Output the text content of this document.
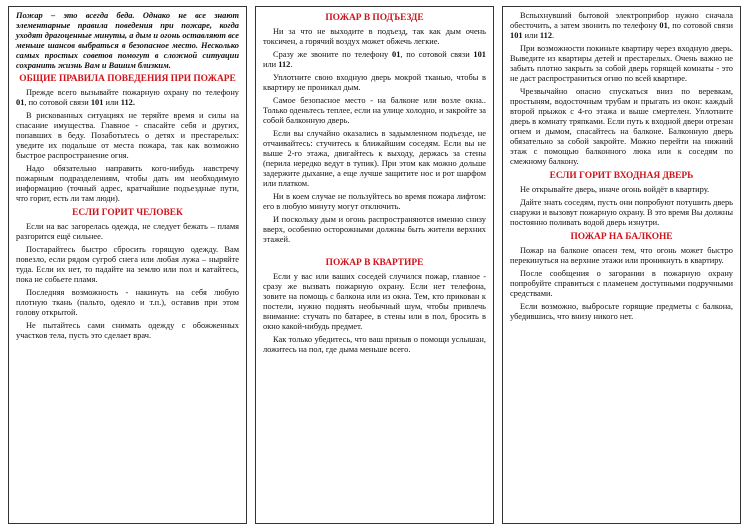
Пожар – это всегда беда. Однако не все знают элементарные правила поведения при пожаре, когда уходят драгоценные минуты, а дым и огонь оставляют все меньше шансов выбраться в безопасное место. Несколько самых простых советов помогут в сложной ситуации сохранить жизнь Вам и Вашим близким.

ОБЩИЕ ПРАВИЛА ПОВЕДЕНИЯ ПРИ ПОЖАРЕ

Прежде всего вызывайте пожарную охрану по телефону 01, по сотовой связи 101 или 112.

В рискованных ситуациях не теряйте время и силы на спасание имущества. Главное - спасайте себя и других, попавших в беду. Позаботьтесь о детях и престарелых: уведите их подальше от места пожара, так как возможно быстрое распространение огня.

Надо обязательно направить кого-нибудь навстречу пожарным подразделениям, чтобы дать им необходимую информацию (точный адрес, кратчайшие подъездные пути, что горит, есть ли там люди).

ЕСЛИ ГОРИТ ЧЕЛОВЕК

Если на вас загорелась одежда, не следует бежать – пламя разгорится ещё сильнее.

Постарайтесь быстро сбросить горящую одежду. Вам повезло, если рядом сугроб снега или любая лужа – ныряйте туда. Если их нет, то падайте на землю или пол и катайтесь, пока не собьете пламя.

Последняя возможность - накинуть на себя любую плотную ткань (пальто, одеяло и т.п.), оставив при этом голову открытой.

Не пытайтесь сами снимать одежду с обожженных участков тела, пусть это сделает врач.

ПОЖАР В ПОДЪЕЗДЕ

Ни за что не выходите в подъезд, так как дым очень токсичен, а горячий воздух может обжечь легкие.

Сразу же звоните по телефону 01, по сотовой связи 101 или 112.

Уплотните свою входную дверь мокрой тканью, чтобы в квартиру не проникал дым.

Самое безопасное место - на балконе или возле окна.. Только оденьтесь теплее, если на улице холодно, и закройте за собой балконную дверь.

Если вы случайно оказались в задымленном подъезде, не отчаивайтесь: стучитесь к ближайшим соседям. Если вы не выше 2-го этажа, двигайтесь к выходу, держась за стены (перила нередко ведут в тупик). При этом как можно дольше задержите дыхание, а еще лучше защитите нос и рот шарфом или платком.

Ни в коем случае не пользуйтесь во время пожара лифтом: его в любую минуту могут отключить.

И поскольку дым и огонь распространяются именно снизу вверх, особенно осторожными должны быть жители верхних этажей.

ПОЖАР В КВАРТИРЕ

Если у вас или ваших соседей случился пожар, главное - сразу же вызвать пожарную охрану. Если нет телефона, зовите на помощь с балкона или из окна. Тем, кто прикован к постели, нужно поднять необычный шум, чтобы привлечь внимание: стучать по батарее, в стены или в пол, бросить в окно какой-нибудь предмет.

Как только убедитесь, что ваш призыв о помощи услышан, ложитесь на пол, где дыма меньше всего.

Вспыхнувший бытовой электроприбор нужно сначала обесточить, а затем звонить по телефону 01, по сотовой связи 101 или 112.

При возможности покиньте квартиру через входную дверь. Выведите из квартиры детей и престарелых. Очень важно не забыть плотно закрыть за собой дверь горящей комнаты - это не даст распространиться огню по всей квартире.

Чрезвычайно опасно спускаться вниз по веревкам, простыням, водосточным трубам и прыгать из окон: каждый второй прыжок с 4-го этажа и выше смертелен. Уплотните дверь в комнату тряпками. Если путь к входной двери отрезан огнем и дымом, спасайтесь на балконе. Балконную дверь обязательно за собой закройте. Можно перейти на нижний этаж с помощью балконного люка или к соседям по смежному балкону.

ЕСЛИ ГОРИТ ВХОДНАЯ ДВЕРЬ

Не открывайте дверь, иначе огонь войдёт в квартиру.

Дайте знать соседям, пусть они попробуют потушить дверь снаружи и вызовут пожарную охрану. В это время Вы должны постоянно поливать водой дверь изнутри.

ПОЖАР НА БАЛКОНЕ

Пожар на балконе опасен тем, что огонь может быстро перекинуться на верхние этажи или проникнуть в квартиру.

После сообщения о загорании в пожарную охрану попробуйте справиться с пламенем доступными подручными средствами.

Если возможно, выбросьте горящие предметы с балкона, убедившись, что внизу никого нет.
